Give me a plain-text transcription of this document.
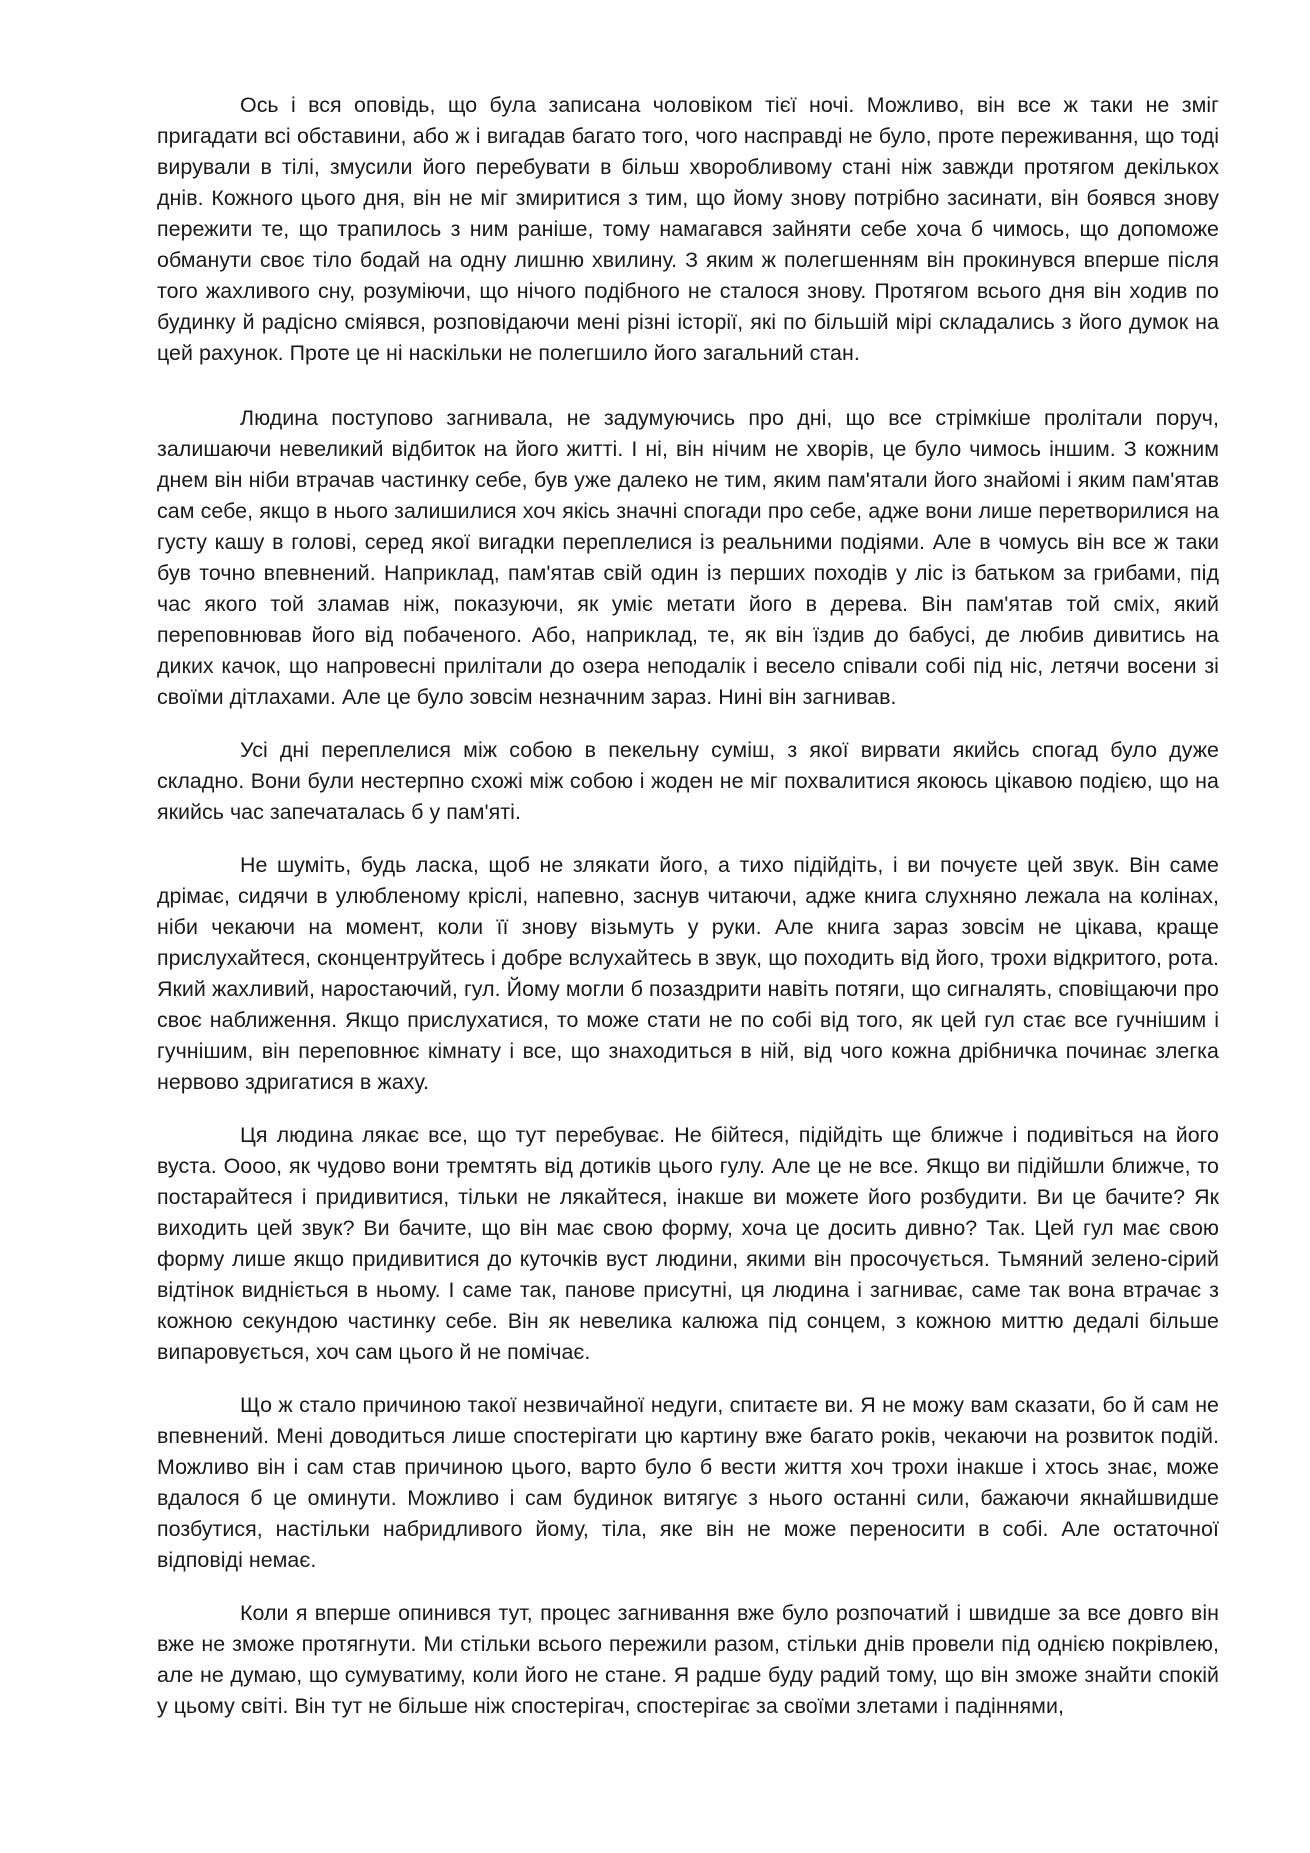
Ось і вся оповідь, що була записана чоловіком тієї ночі. Можливо, він все ж таки не зміг пригадати всі обставини, або ж і вигадав багато того, чого насправді не було, проте переживання, що тоді вирували в тілі, змусили його перебувати в більш хворобливому стані ніж завжди протягом декількох днів. Кожного цього дня, він не міг змиритися з тим, що йому знову потрібно засинати, він боявся знову пережити те, що трапилось з ним раніше, тому намагався зайняти себе хоча б чимось, що допоможе обманути своє тіло бодай на одну лишню хвилину. З яким ж полегшенням він прокинувся вперше після того жахливого сну, розуміючи, що нічого подібного не сталося знову. Протягом всього дня він ходив по будинку й радісно сміявся, розповідаючи мені різні історії, які по більшій мірі складались з його думок на цей рахунок. Проте це ні наскільки не полегшило його загальний стан.

Людина поступово загнивала, не задумуючись про дні, що все стрімкіше пролітали поруч, залишаючи невеликий відбиток на його житті. І ні, він нічим не хворів, це було чимось іншим. З кожним днем він ніби втрачав частинку себе, був уже далеко не тим, яким пам'ятали його знайомі і яким пам'ятав сам себе, якщо в нього залишилися хоч якісь значні спогади про себе, адже вони лише перетворилися на густу кашу в голові, серед якої вигадки переплелися із реальними подіями. Але в чомусь він все ж таки був точно впевнений. Наприклад, пам'ятав свій один із перших походів у ліс із батьком за грибами, під час якого той зламав ніж, показуючи, як уміє метати його в дерева. Він пам'ятав той сміх, який переповнював його від побаченого. Або, наприклад, те, як він їздив до бабусі, де любив дивитись на диких качок, що напровесні прилітали до озера неподалік і весело співали собі під ніс, летячи восени зі своїми дітлахами. Але це було зовсім незначним зараз. Нині він загнивав.

Усі дні переплелися між собою в пекельну суміш, з якої вирвати якийсь спогад було дуже складно. Вони були нестерпно схожі між собою і жоден не міг похвалитися якоюсь цікавою подією, що на якийсь час запечаталась б у пам'яті.

Не шуміть, будь ласка, щоб не злякати його, а тихо підійдіть, і ви почуєте цей звук. Він саме дрімає, сидячи в улюбленому кріслі, напевно, заснув читаючи, адже книга слухняно лежала на колінах, ніби чекаючи на момент, коли її знову візьмуть у руки. Але книга зараз зовсім не цікава, краще прислухайтеся, сконцентруйтесь і добре вслухайтесь в звук, що походить від його, трохи відкритого, рота. Який жахливий, наростаючий, гул. Йому могли б позаздрити навіть потяги, що сигналять, сповіщаючи про своє наближення. Якщо прислухатися, то може стати не по собі від того, як цей гул стає все гучнішим і гучнішим, він переповнює кімнату і все, що знаходиться в ній, від чого кожна дрібничка починає злегка нервово здригатися в жаху.

Ця людина лякає все, що тут перебуває. Не бійтеся, підійдіть ще ближче і подивіться на його вуста. Оооо, як чудово вони тремтять від дотиків цього гулу. Але це не все. Якщо ви підійшли ближче, то постарайтеся і придивитися, тільки не лякайтеся, інакше ви можете його розбудити. Ви це бачите? Як виходить цей звук? Ви бачите, що він має свою форму, хоча це досить дивно? Так. Цей гул має свою форму лише якщо придивитися до куточків вуст людини, якими він просочується. Тьмяний зелено-сірий відтінок видніється в ньому. І саме так, панове присутні, ця людина і загниває, саме так вона втрачає з кожною секундою частинку себе. Він як невелика калюжа під сонцем, з кожною миттю дедалі більше випаровується, хоч сам цього й не помічає.

Що ж стало причиною такої незвичайної недуги, спитаєте ви. Я не можу вам сказати, бо й сам не впевнений. Мені доводиться лише спостерігати цю картину вже багато років, чекаючи на розвиток подій. Можливо він і сам став причиною цього, варто було б вести життя хоч трохи інакше і хтось знає, може вдалося б це оминути. Можливо і сам будинок витягує з нього останні сили, бажаючи якнайшвидше позбутися, настільки набридливого йому, тіла, яке він не може переносити в собі. Але остаточної відповіді немає.

Коли я вперше опинився тут, процес загнивання вже було розпочатий і швидше за все довго він вже не зможе протягнути. Ми стільки всього пережили разом, стільки днів провели під однією покрівлею, але не думаю, що сумуватиму, коли його не стане. Я радше буду радий тому, що він зможе знайти спокій у цьому світі. Він тут не більше ніж спостерігач, спостерігає за своїми злетами і падіннями,
